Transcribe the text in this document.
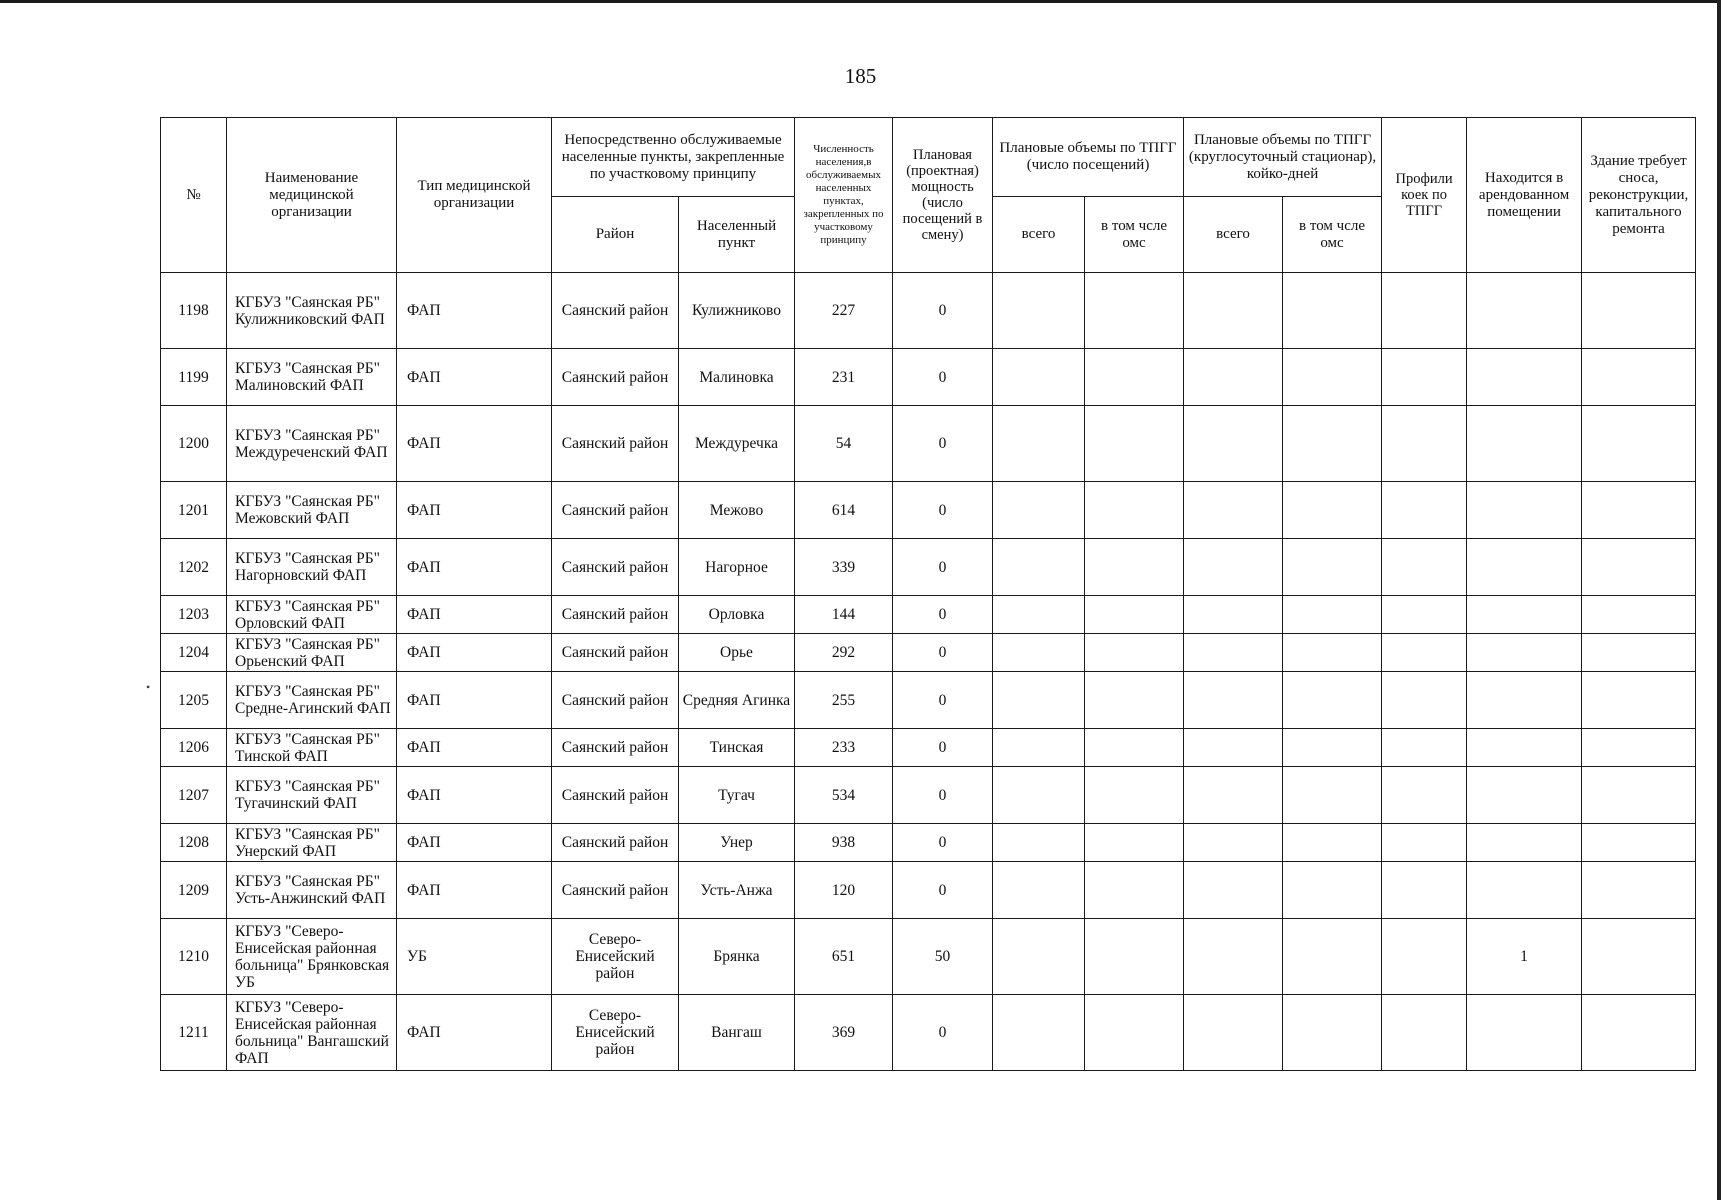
•
185
№	Наименование медицинской организации	Тип медицинской организации	Непосредственно обслуживаемые населенные пункты, закрепленные по участковому принципу		Численность населения,в обслуживаемых населенных пунктах, закрепленных по участковому принципу	Плановая (проектная) мощность (число посещений в смену)	Плановые объемы по ТПГГ (число посещений)		Плановые объемы по ТПГГ (круглосуточный стационар), койко-дней		Профили коек по ТПГГ	Находится в арендованном помещении	Здание требует сноса, реконструкции, капитального ремонта
			Район	Населенный пункт			всего	в том чсле омс	всего	в том чсле омс			
1198	КГБУЗ "Саянская РБ" Кулижниковский ФАП	ФАП	Саянский район	Кулижниково	227	0							
1199	КГБУЗ "Саянская РБ" Малиновский ФАП	ФАП	Саянский район	Малиновка	231	0							
1200	КГБУЗ "Саянская РБ" Междуреченский ФАП	ФАП	Саянский район	Междуречка	54	0							
1201	КГБУЗ "Саянская РБ" Межовский ФАП	ФАП	Саянский район	Межово	614	0							
1202	КГБУЗ "Саянская РБ" Нагорновский ФАП	ФАП	Саянский район	Нагорное	339	0							
1203	КГБУЗ "Саянская РБ" Орловский ФАП	ФАП	Саянский район	Орловка	144	0							
1204	КГБУЗ "Саянская РБ" Орьенский ФАП	ФАП	Саянский район	Орье	292	0							
1205	КГБУЗ "Саянская РБ" Средне-Агинский ФАП	ФАП	Саянский район	Средняя Агинка	255	0							
1206	КГБУЗ "Саянская РБ" Тинской ФАП	ФАП	Саянский район	Тинская	233	0							
1207	КГБУЗ "Саянская РБ" Тугачинский ФАП	ФАП	Саянский район	Тугач	534	0							
1208	КГБУЗ "Саянская РБ" Унерский ФАП	ФАП	Саянский район	Унер	938	0							
1209	КГБУЗ "Саянская РБ" Усть-Анжинский ФАП	ФАП	Саянский район	Усть-Анжа	120	0							
1210	КГБУЗ "Северо-Енисейская районная больница" Брянковская УБ	УБ	Северо-Енисейский район	Брянка	651	50						1	
1211	КГБУЗ "Северо-Енисейская районная больница" Вангашский ФАП	ФАП	Северо-Енисейский район	Вангаш	369	0							
